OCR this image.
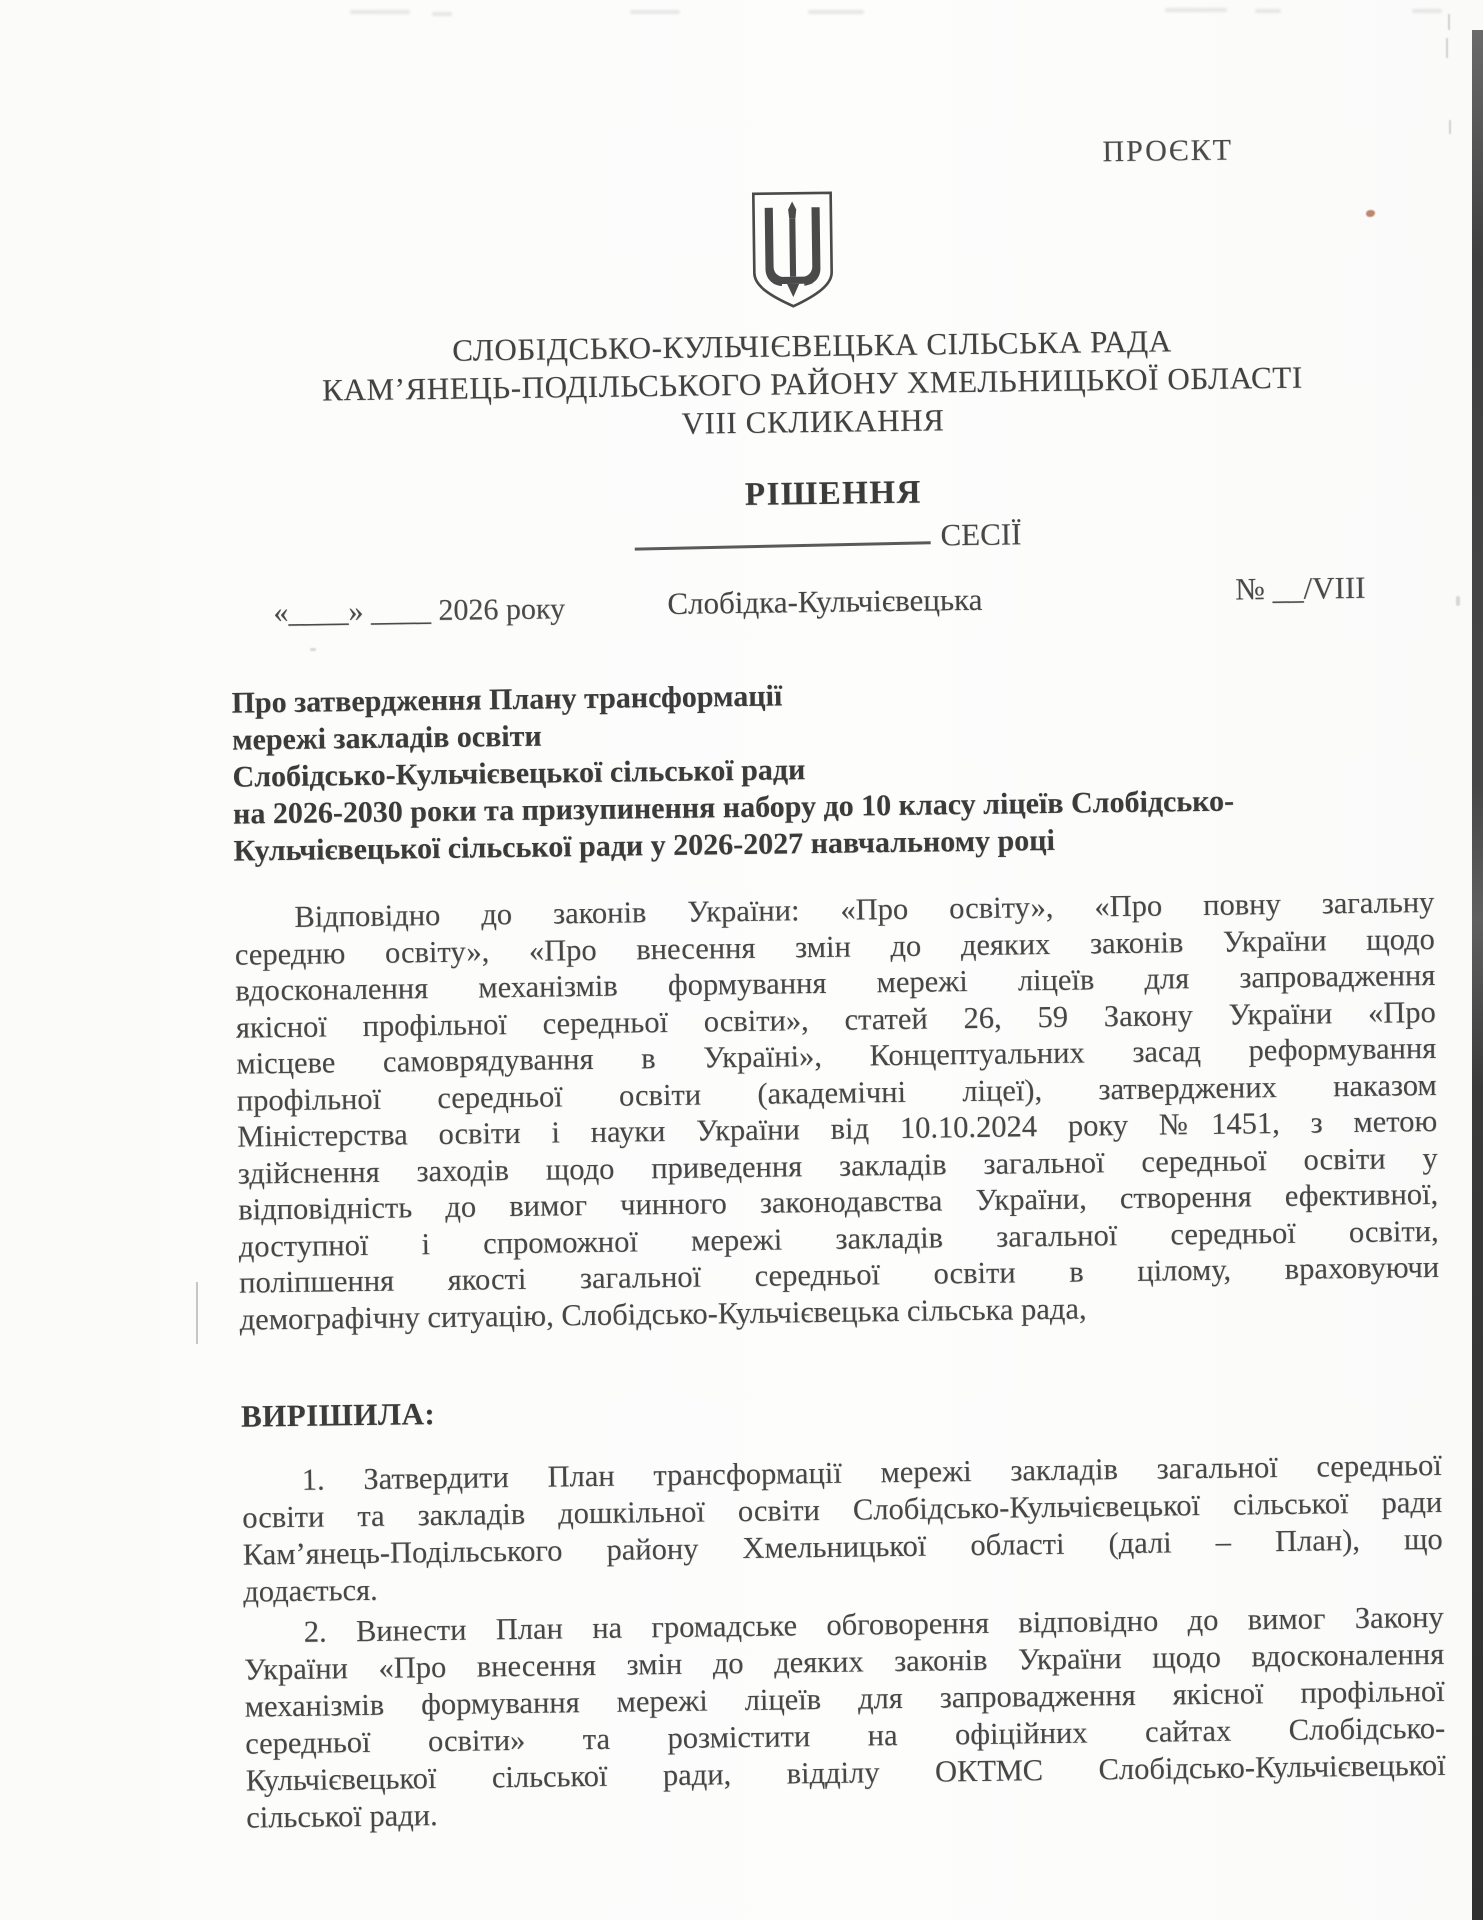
ПРОЄКТ
СЛОБІДСЬКО-КУЛЬЧІЄВЕЦЬКА СІЛЬСЬКА РАДА
КАМ’ЯНЕЦЬ-ПОДІЛЬСЬКОГО РАЙОНУ ХМЕЛЬНИЦЬКОЇ ОБЛАСТІ
VIII СКЛИКАННЯ
РІШЕННЯ
СЕСІЇ
«____» ____ 2026 року	Слобідка-Кульчієвецька	№ __/VIII
Про затвердження Плану трансформації
мережі закладів освіти
Слобідсько-Кульчієвецької сільської ради
на 2026-2030 роки та призупинення набору до 10 класу ліцеїв Слобідсько-
Кульчієвецької сільської ради у 2026-2027 навчальному році
Відповідно до законів України: «Про освіту», «Про повну загальну
середню освіту», «Про внесення змін до деяких законів України щодо
вдосконалення механізмів формування мережі ліцеїв для запровадження
якісної профільної середньої освіти», статей 26, 59 Закону України «Про
місцеве самоврядування в Україні», Концептуальних засад реформування
профільної середньої освіти (академічні ліцеї), затверджених наказом
Міністерства освіти і науки України від 10.10.2024 року №1451, з метою
здійснення заходів щодо приведення закладів загальної середньої освіти у
відповідність до вимог чинного законодавства України, створення ефективної,
доступної і спроможної мережі закладів загальної середньої освіти,
поліпшення якості загальної середньої освіти в цілому, враховуючи
демографічну ситуацію, Слобідсько-Кульчієвецька сільська рада,
ВИРІШИЛА:
1. Затвердити План трансформації мережі закладів загальної середньої
освіти та закладів дошкільної освіти Слобідсько-Кульчієвецької сільської ради
Кам’янець-Подільського району Хмельницької області (далі – План), що
додається.
2. Винести План на громадське обговорення відповідно до вимог Закону
України «Про внесення змін до деяких законів України щодо вдосконалення
механізмів формування мережі ліцеїв для запровадження якісної профільної
середньої освіти» та розмістити на офіційних сайтах Слобідсько-
Кульчієвецької сільської ради, відділу ОКТМС Слобідсько-Кульчієвецької
сільської ради.
